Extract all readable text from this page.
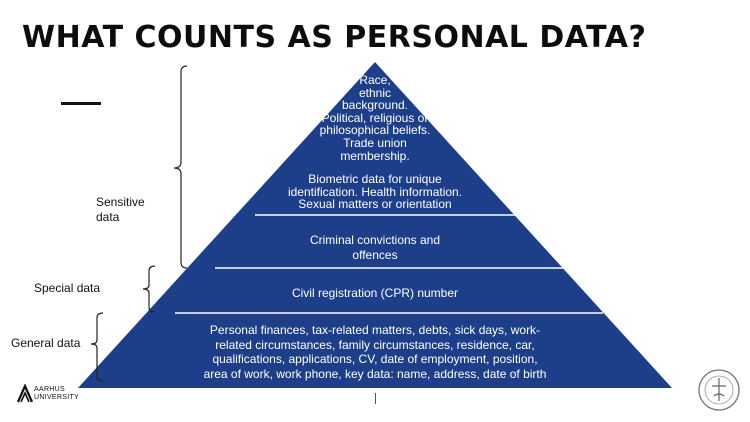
WHAT COUNTS AS PERSONAL DATA?
Race,
ethnic
background.
Political, religious or
philosophical beliefs.
Trade union
membership.
Biometric data for unique
identification. Health information.
Sexual matters or orientation
Criminal convictions and
offences
Civil registration (CPR) number
Personal finances, tax-related matters, debts, sick days, work-
related circumstances, family circumstances, residence, car,
qualifications, applications, CV, date of employment, position,
area of work, work phone, key data: name, address, date of birth
Sensitive
data
Special data
General data
AARHUS
UNIVERSITY
